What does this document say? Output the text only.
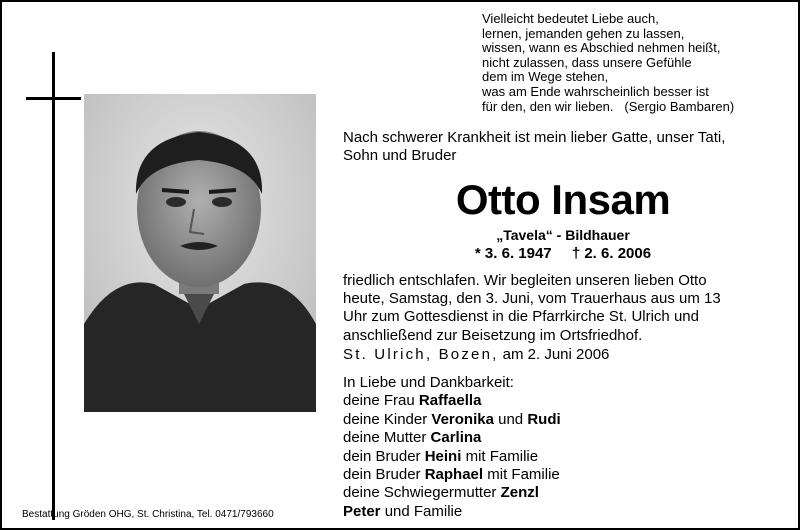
Vielleicht bedeutet Liebe auch,
lernen, jemanden gehen zu lassen,
wissen, wann es Abschied nehmen heißt,
nicht zulassen, dass unsere Gefühle
dem im Wege stehen,
was am Ende wahrscheinlich besser ist
für den, den wir lieben.   (Sergio Bambaren)
Nach schwerer Krankheit ist mein lieber Gatte, unser Tati,
Sohn und Bruder
Otto Insam
„Tavela“ - Bildhauer
* 3. 6. 1947 † 2. 6. 2006
friedlich entschlafen. Wir begleiten unseren lieben Otto
heute, Samstag, den 3. Juni, vom Trauerhaus aus um 13
Uhr zum Gottesdienst in die Pfarrkirche St. Ulrich und
anschließend zur Beisetzung im Ortsfriedhof.
St. Ulrich, Bozen, am 2. Juni 2006
In Liebe und Dankbarkeit:
deine Frau Raffaella
deine Kinder Veronika und Rudi
deine Mutter Carlina
dein Bruder Heini mit Familie
dein Bruder Raphael mit Familie
deine Schwiegermutter Zenzl
Peter und Familie
Bestattung Gröden OHG, St. Christina, Tel. 0471/793660
